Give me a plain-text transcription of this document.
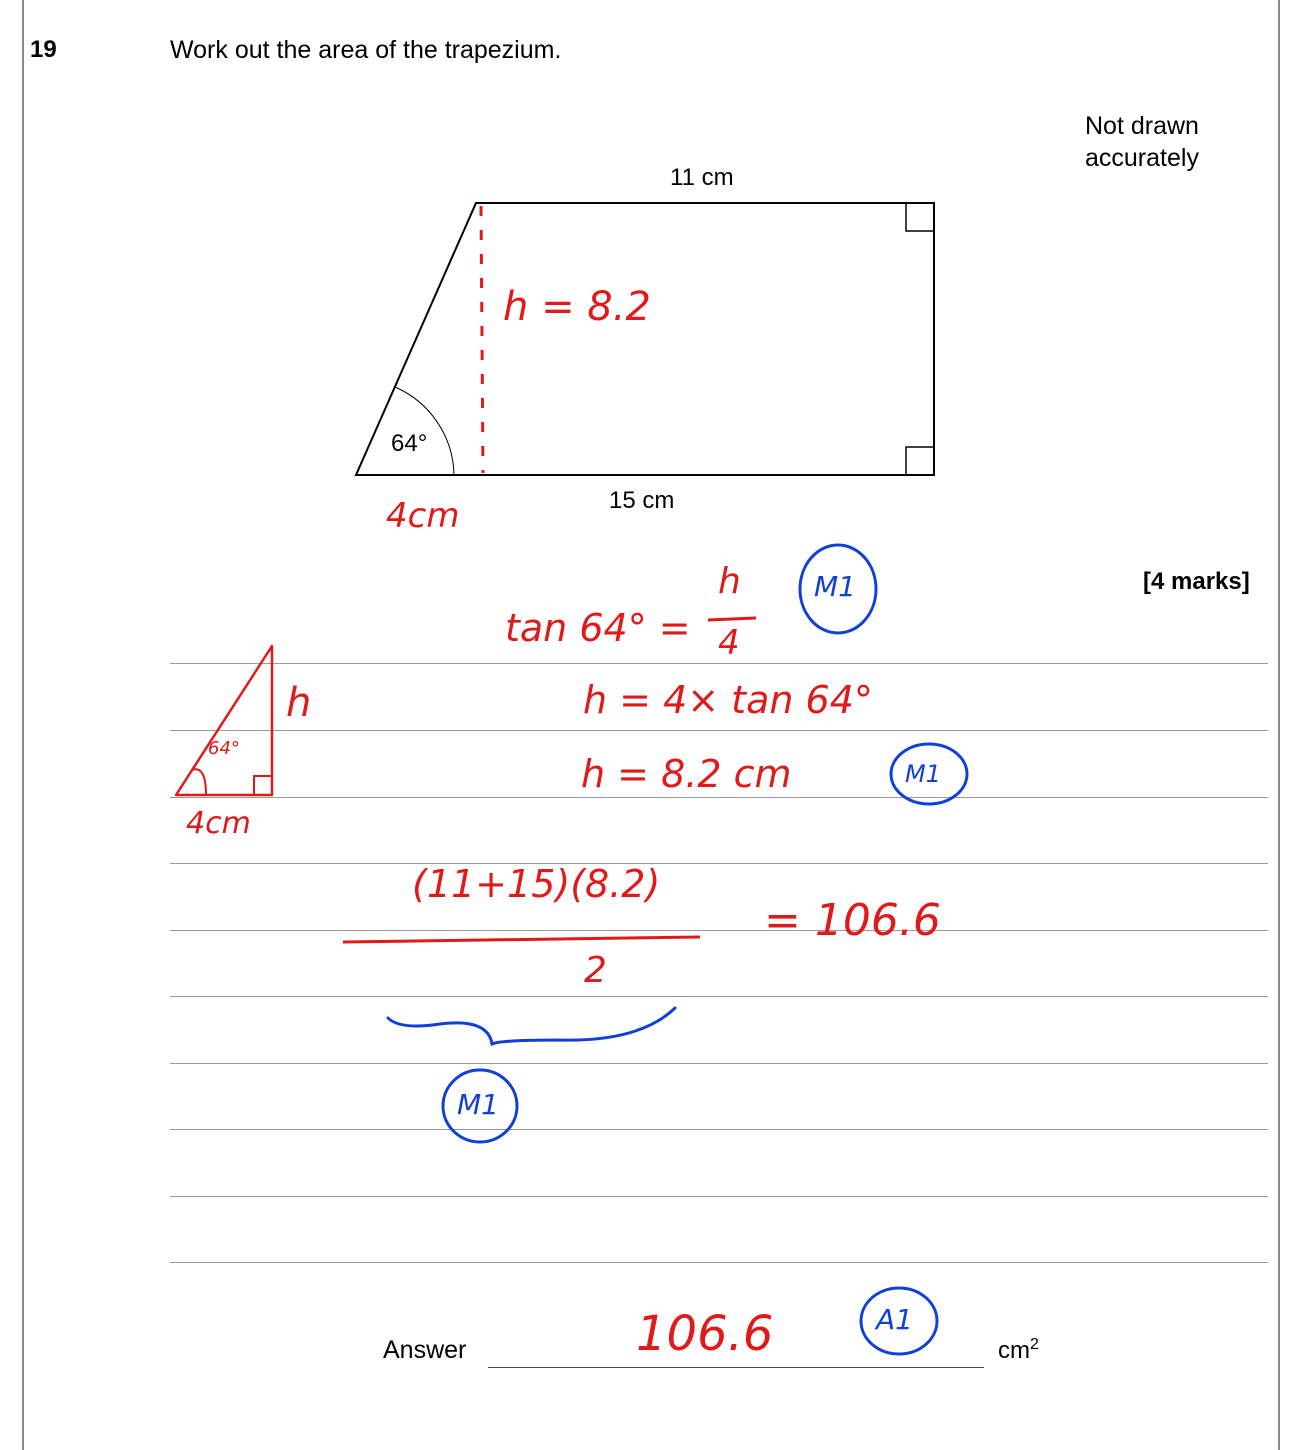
19	Work out the area of the trapezium.
Not drawn
accurately
[4 marks]
11 cm
15 cm
64°
h = 8.2
4cm
tan 64° =
h
4
h = 4× tan 64°
h = 8.2 cm
(11+15)(8.2)
2
= 106.6
4cm
h
64°
106.6
M1
M1
M1
A1
Answer	$cm^2$
